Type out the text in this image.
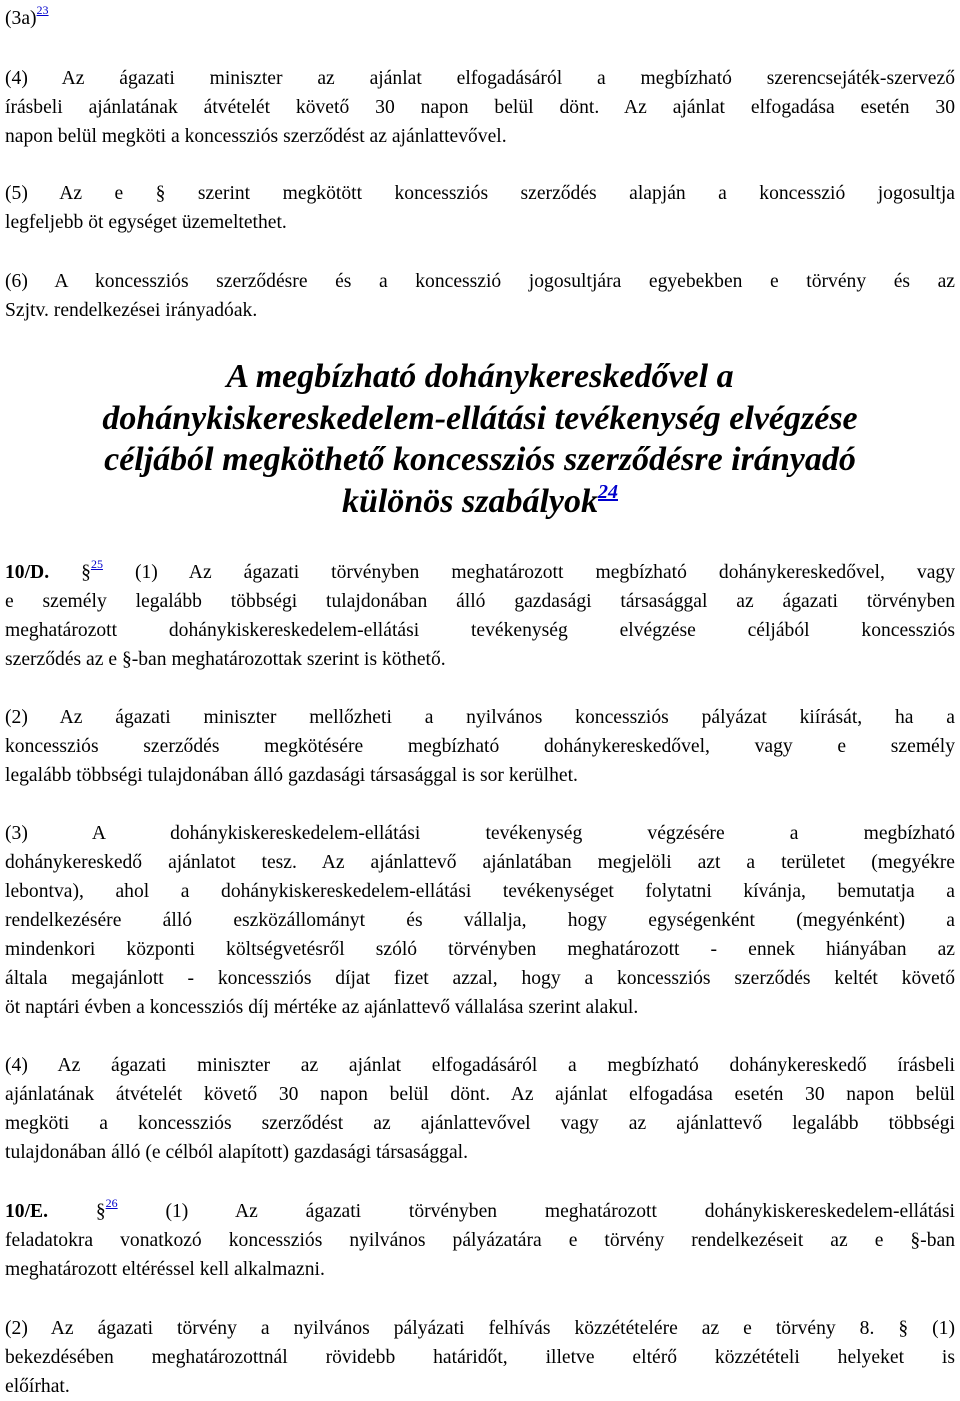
(3a)$^{23}$
(4) Az ágazati miniszter az ajánlat elfogadásáról a megbízható szerencsejáték-szervező
írásbeli ajánlatának átvételét követő 30 napon belül dönt. Az ajánlat elfogadása esetén 30
napon belül megköti a koncessziós szerződést az ajánlattevővel.
(5) Az e § szerint megkötött koncessziós szerződés alapján a koncesszió jogosultja
legfeljebb öt egységet üzemeltethet.
(6) A koncessziós szerződésre és a koncesszió jogosultjára egyebekben e törvény és az
Szjtv. rendelkezései irányadóak.
A megbízható dohánykereskedővel a
dohánykiskereskedelem-ellátási tevékenység elvégzése
céljából megköthető koncessziós szerződésre irányadó
különös szabályok$^{24}$
10/D. §$^{25}$ (1) Az ágazati törvényben meghatározott megbízható dohánykereskedővel, vagy
e személy legalább többségi tulajdonában álló gazdasági társasággal az ágazati törvényben
meghatározott dohánykiskereskedelem-ellátási tevékenység elvégzése céljából koncessziós
szerződés az e §-ban meghatározottak szerint is köthető.
(2) Az ágazati miniszter mellőzheti a nyilvános koncessziós pályázat kiírását, ha a
koncessziós szerződés megkötésére megbízható dohánykereskedővel, vagy e személy
legalább többségi tulajdonában álló gazdasági társasággal is sor kerülhet.
(3) A dohánykiskereskedelem-ellátási tevékenység végzésére a megbízható
dohánykereskedő ajánlatot tesz. Az ajánlattevő ajánlatában megjelöli azt a területet (megyékre
lebontva), ahol a dohánykiskereskedelem-ellátási tevékenységet folytatni kívánja, bemutatja a
rendelkezésére álló eszközállományt és vállalja, hogy egységenként (megyénként) a
mindenkori központi költségvetésről szóló törvényben meghatározott - ennek hiányában az
általa megajánlott - koncessziós díjat fizet azzal, hogy a koncessziós szerződés keltét követő
öt naptári évben a koncessziós díj mértéke az ajánlattevő vállalása szerint alakul.
(4) Az ágazati miniszter az ajánlat elfogadásáról a megbízható dohánykereskedő írásbeli
ajánlatának átvételét követő 30 napon belül dönt. Az ajánlat elfogadása esetén 30 napon belül
megköti a koncessziós szerződést az ajánlattevővel vagy az ajánlattevő legalább többségi
tulajdonában álló (e célból alapított) gazdasági társasággal.
10/E. §$^{26}$ (1) Az ágazati törvényben meghatározott dohánykiskereskedelem-ellátási
feladatokra vonatkozó koncessziós nyilvános pályázatára e törvény rendelkezéseit az e §-ban
meghatározott eltéréssel kell alkalmazni.
(2) Az ágazati törvény a nyilvános pályázati felhívás közzétételére az e törvény 8. § (1)
bekezdésében meghatározottnál rövidebb határidőt, illetve eltérő közzétételi helyeket is
előírhat.
